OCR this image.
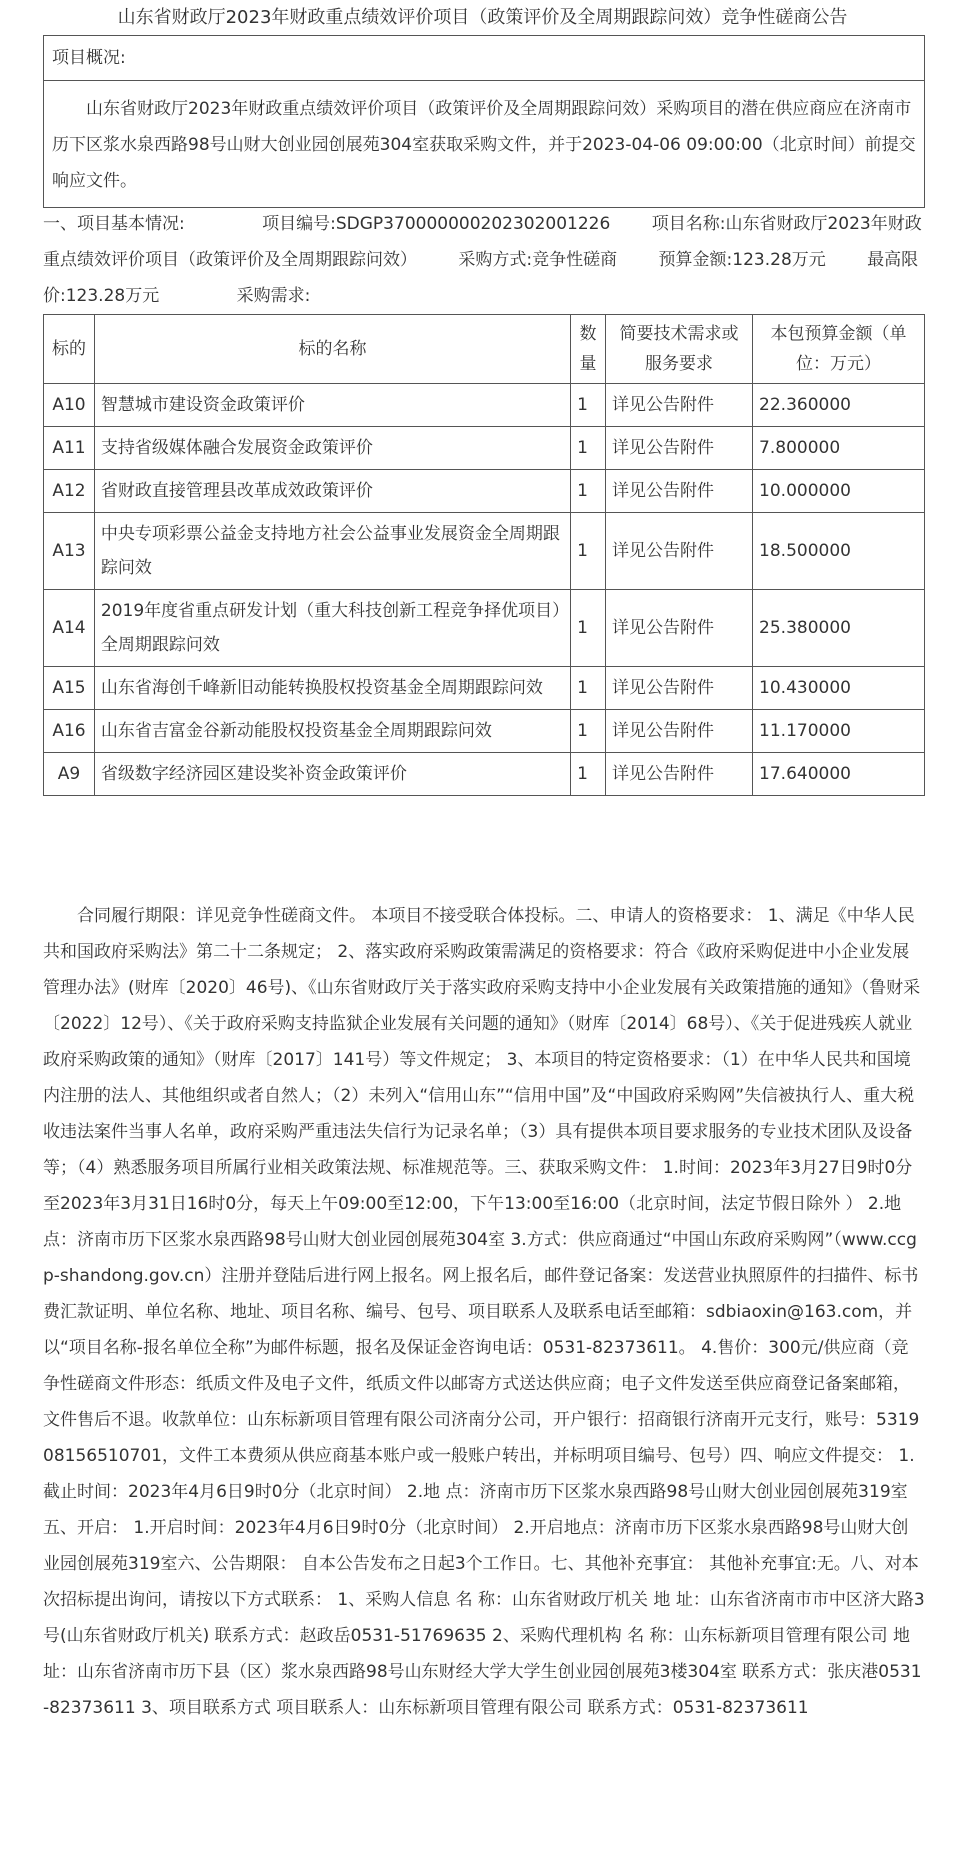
山东省财政厅2023年财政重点绩效评价项目（政策评价及全周期跟踪问效）竞争性磋商公告
项目概况:
山东省财政厅2023年财政重点绩效评价项目（政策评价及全周期跟踪问效）采购项目的潜在供应商应在济南市历下区浆水泉西路98号山财大创业园创展苑304室获取采购文件，并于2023-04-06 09:00:00（北京时间）前提交响应文件。
一、项目基本情况:	项目编号:SDGP370000000202302001226 项目名称:山东省财政厅2023年财政重点绩效评价项目（政策评价及全周期跟踪问效） 采购方式:竞争性磋商 预算金额:123.28万元 最高限价:123.28万元	采购需求:
标的	标的名称	数量	简要技术需求或服务要求	本包预算金额（单位：万元）
A10	智慧城市建设资金政策评价	1	详见公告附件	22.360000
A11	支持省级媒体融合发展资金政策评价	1	详见公告附件	7.800000
A12	省财政直接管理县改革成效政策评价	1	详见公告附件	10.000000
A13	中央专项彩票公益金支持地方社会公益事业发展资金全周期跟踪问效	1	详见公告附件	18.500000
A14	2019年度省重点研发计划（重大科技创新工程竞争择优项目）全周期跟踪问效	1	详见公告附件	25.380000
A15	山东省海创千峰新旧动能转换股权投资基金全周期跟踪问效	1	详见公告附件	10.430000
A16	山东省吉富金谷新动能股权投资基金全周期跟踪问效	1	详见公告附件	11.170000
A9	省级数字经济园区建设奖补资金政策评价	1	详见公告附件	17.640000
合同履行期限：详见竞争性磋商文件。 本项目不接受联合体投标。二、申请人的资格要求： 1、满足《中华人民共和国政府采购法》第二十二条规定； 2、落实政府采购政策需满足的资格要求：符合《政府采购促进中小企业发展管理办法》(财库〔2020〕46号)、《山东省财政厅关于落实政府采购支持中小企业发展有关政策措施的通知》（鲁财采〔2022〕12号）、《关于政府采购支持监狱企业发展有关问题的通知》（财库〔2014〕68号）、《关于促进残疾人就业政府采购政策的通知》（财库〔2017〕141号）等文件规定； 3、本项目的特定资格要求：（1）在中华人民共和国境内注册的法人、其他组织或者自然人；（2）未列入“信用山东”“信用中国”及“中国政府采购网”失信被执行人、重大税收违法案件当事人名单，政府采购严重违法失信行为记录名单；（3）具有提供本项目要求服务的专业技术团队及设备等；（4）熟悉服务项目所属行业相关政策法规、标准规范等。三、获取采购文件： 1.时间：2023年3月27日9时0分至2023年3月31日16时0分，每天上午09:00至12:00，下午13:00至16:00（北京时间，法定节假日除外 ） 2.地点：济南市历下区浆水泉西路98号山财大创业园创展苑304室 3.方式：供应商通过“中国山东政府采购网”（www.ccgp-shandong.gov.cn）注册并登陆后进行网上报名。网上报名后，邮件登记备案：发送营业执照原件的扫描件、标书费汇款证明、单位名称、地址、项目名称、编号、包号、项目联系人及联系电话至邮箱：sdbiaoxin@163.com，并以“项目名称-报名单位全称”为邮件标题，报名及保证金咨询电话：0531-82373611。 4.售价：300元/供应商（竞争性磋商文件形态：纸质文件及电子文件，纸质文件以邮寄方式送达供应商；电子文件发送至供应商登记备案邮箱，文件售后不退。收款单位：山东标新项目管理有限公司济南分公司，开户银行：招商银行济南开元支行，账号：531908156510701，文件工本费须从供应商基本账户或一般账户转出，并标明项目编号、包号）四、响应文件提交： 1.截止时间：2023年4月6日9时0分（北京时间） 2.地 点：济南市历下区浆水泉西路98号山财大创业园创展苑319室五、开启： 1.开启时间：2023年4月6日9时0分（北京时间） 2.开启地点：济南市历下区浆水泉西路98号山财大创业园创展苑319室六、公告期限： 自本公告发布之日起3个工作日。七、其他补充事宜： 其他补充事宜:无。八、对本次招标提出询问，请按以下方式联系： 1、采购人信息 名 称：山东省财政厅机关 地 址：山东省济南市市中区济大路3号(山东省财政厅机关) 联系方式：赵政岳0531-51769635 2、采购代理机构 名 称：山东标新项目管理有限公司 地 址：山东省济南市历下县（区）浆水泉西路98号山东财经大学大学生创业园创展苑3楼304室 联系方式：张庆港0531-82373611 3、项目联系方式 项目联系人：山东标新项目管理有限公司 联系方式：0531-82373611
